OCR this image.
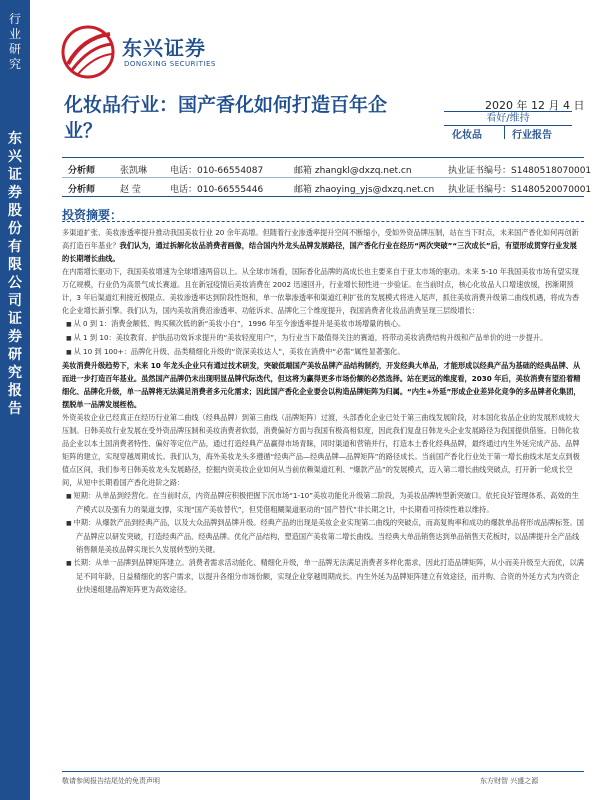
行业研究
东兴证券股份有限公司证券研究报告
东兴证券
DONGXING SECURITIES
化妆品行业：国产香化如何打造百年企业？
2020 年 12 月 4 日
看好/维持
化妆品	行业报告
分析师	张凯琳	电话：010-66554087	邮箱 zhangkl@dxzq.net.cn	执业证书编号：S1480518070001
分析师	赵 莹	电话：010-66555446	邮箱 zhaoying_yjs@dxzq.net.cn 执业证书编号：S1480520070001
投资摘要：

多渠道扩张、美妆渗透率提升推动我国美妆行业 20 余年高增。但随着行业渗透率提升空间不断缩小，受如外资品牌压制，站在当下时点，未来国产香化如何再创新高打造百年基业？我们认为，通过拆解化妆品消费者画像，结合国内外龙头品牌发展路径，国产香化行业在经历“两次突破”“三次成长”后，有望形成贯穿行业发展的长期增长曲线。

在内需增长驱动下，我国美妆增速为全球增速两倍以上。从全球市场看，国际香化品牌的高成长也主要来自于亚太市场的驱动。未来 5-10 年我国美妆市场有望实现万亿规模，行业仍为高景气成长赛道。且在新冠疫情后美妆消费在 2002 迅速回升，行业增长韧性进一步验证。在当前时点，核心化妆品人口增速放缓，拐渐期预计，3 年后渠道红利接近极限点、美妆渗透率达到阶段性饱和，单一依靠渗透率和渠道红利扩张的发展模式将进入尾声，抓住美妆消费升级第二曲线机遇，将成为香化企业增长新引擎。我们认为，国内美妆消费沿渗透率、功能诉求、品牌化三个维度提升，我国消费者化妆品消费呈现三层级增长：

■ 从 0 到 1：消费金额低、购买频次低的新“美妆小白”，1996 年至今渗透率提升是美妆市场增量的核心。

■ 从 1 到 10：美妆教育、护肤品功效诉求提升的“美妆轻度用户”，为行业当下最值得关注的赛道，将带动美妆消费结构升级和产品单价的进一步提升。

■ 从 10 到 100+：品牌化升级、品类精细化升级的“资深美妆达人”，美妆在消费中“必需”属性显著强化。

美妆消费升级趋势下，未来 10 年龙头企业只有通过技术研发，突破低端国产美妆品牌产品结构制约，开发经典大单品，才能形成以经典产品为基础的经典品牌、从而进一步打造百年基业。虽然国产品牌仍未出现明显品牌代际迭代，但这将为赢得更多市场份额的必然选择。站在更远的维度看，2030 年后，美妆消费有望沿着精细化、品牌化升级，单一品牌将无法满足消费者多元化需求；因此国产香化企业要会以构造品牌矩阵为归属。“内生+外延”形成企业差异化竞争的多品牌者化集团，摆脱单一品牌发展桎梏。

外资美妆企业已经真正在经历行业第二曲线（经典品牌）到第三曲线（品牌矩阵）过渡，头部香化企业已处于第三曲线发展阶段，对本国化妆品企业的发展形成较大压制。日韩美妆行业发展在受外资品牌压制和美妆消费者软弱，消费偏好方面与我国有极高相似度，因此我们复盘日韩龙头企业发展路径为我国提供借鉴。日韩化妆品企业以本土国消费者特性、偏好等定位产品，通过打造经典产品赢得市场青睐，同时渠道和营销并行，打造本土香化经典品牌，最终通过内生外延完成产品、品牌矩阵的建立，实现穿越周期成长。我们认为，海外美妆龙头多遵循“经典产品—经典品牌—品牌矩阵”的路径成长。当前国产香化行业处于第一增长曲线末尾支点到极值点区间，我们参考日韩美妆龙头发展路径，挖掘内资美妆企业如何从当前依赖渠道红利、“爆款产品”的发展模式，迈入第二增长曲线突破点，打开新一轮成长空间，从短中长期看国产香化进阶之路：

■ 短期：从单品到经营化。在当前时点，内资品牌应积极把握下沉市场“1-10”美妆功能化升级第二阶段，为美妆品牌转型新突破口。依托良好管理体系、高效的生产模式以及强有力的渠道支撑，实现“国产美妆替代”，但凭借粗糊渠道驱动的“国产替代”非长期之计，中长期看可持续性难以维持。

■ 中期：从爆款产品到经典产品，以及大众品牌到品牌升级。经典产品的出现是美妆企业实现第二曲线的突破点，而高复购率和成功的爆款单品将形成品牌标签。国产品牌应以研发突破，打造经典产品、经典品牌。优化产品结构，塑造国产美妆第二增长曲线。当经典大单品销售达到单品销售天花板时，以品牌提升全产品线销售额是美妆品牌实现长久发展转型的关键。

■ 长期：从单一品牌到品牌矩阵建立。消费者需求活动能化、精细化升级，单一品牌无法满足消费者多样化需求，因此打造品牌矩阵，从小而美升级至大而优，以满足不同年龄、日益精细化的客户需求，以提升各细分市场份额，实现企业穿越周期成长。内生外延为品牌矩阵建立有效途径，而并购、合资的外延方式为内资企业快速组建品牌矩阵更为高效途径。

敬请参阅报告结尾处的免责声明	东方财智 兴盛之源
